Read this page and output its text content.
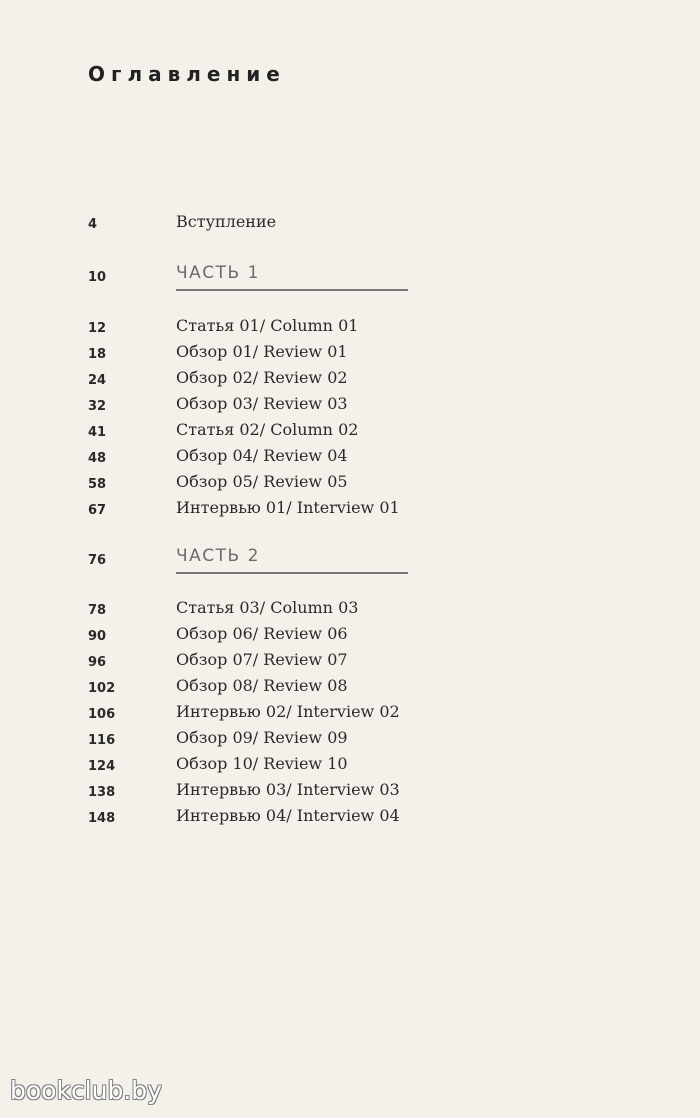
Оглавление
4	Вступление
10	ЧАСТЬ 1
12	Статья 01/ Column 01
18	Обзор 01/ Review 01
24	Обзор 02/ Review 02
32	Обзор 03/ Review 03
41	Статья 02/ Column 02
48	Обзор 04/ Review 04
58	Обзор 05/ Review 05
67	Интервью 01/ Interview 01
76	ЧАСТЬ 2
78	Статья 03/ Column 03
90	Обзор 06/ Review 06
96	Обзор 07/ Review 07
102	Обзор 08/ Review 08
106	Интервью 02/ Interview 02
116	Обзор 09/ Review 09
124	Обзор 10/ Review 10
138	Интервью 03/ Interview 03
148	Интервью 04/ Interview 04
bookclub.by
